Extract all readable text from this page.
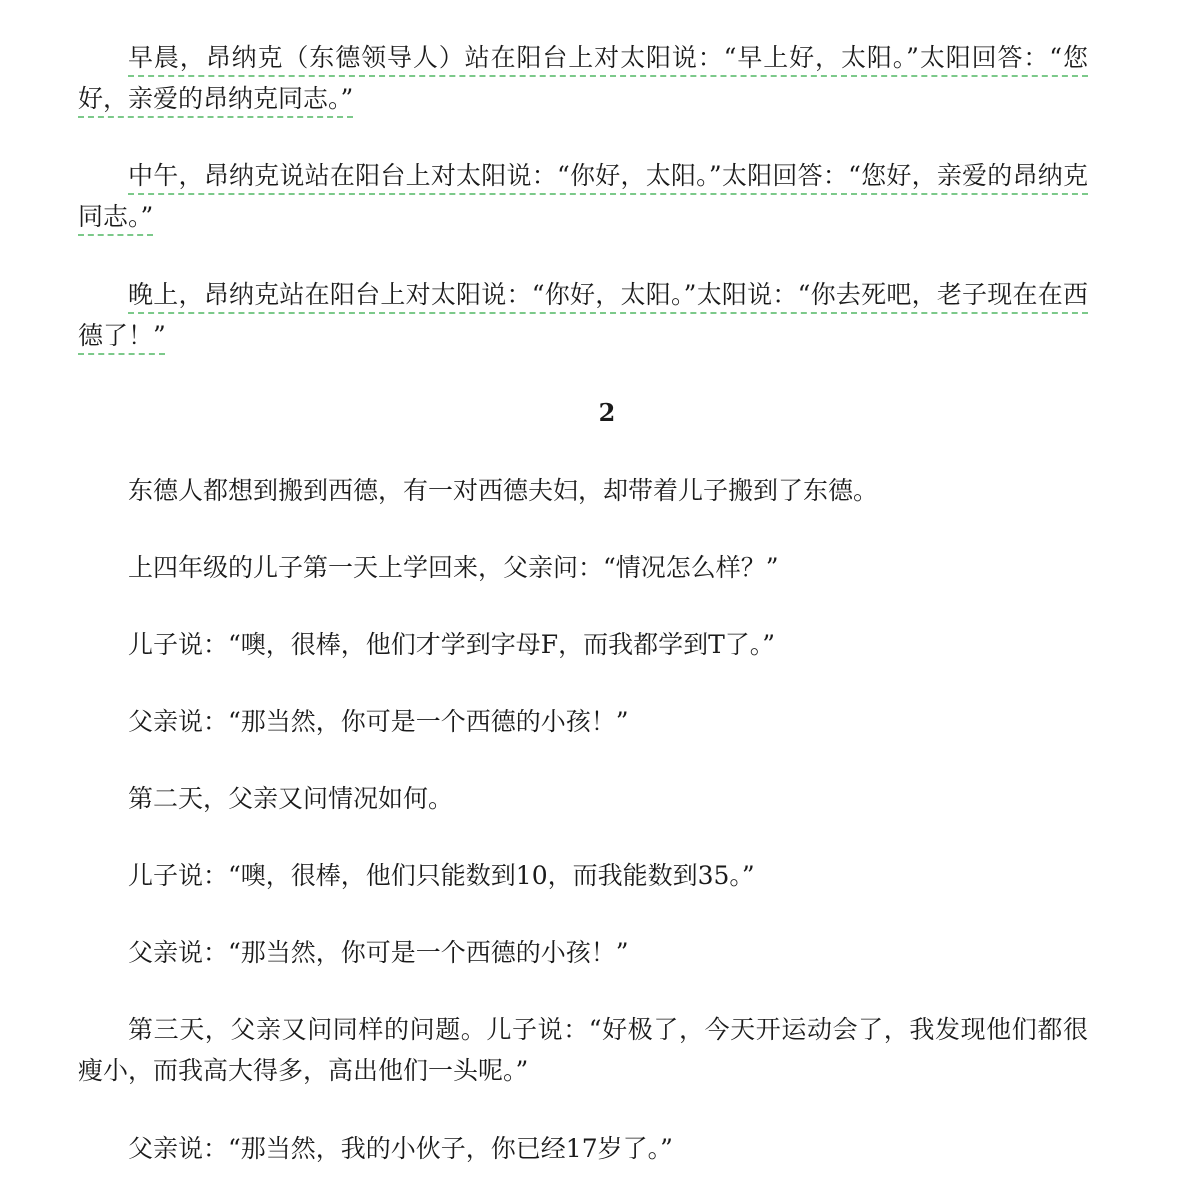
早晨，昂纳克（东德领导人）站在阳台上对太阳说：“早上好，太阳。”太阳回答：“您好，亲爱的昂纳克同志。”

中午，昂纳克说站在阳台上对太阳说：“你好，太阳。”太阳回答：“您好，亲爱的昂纳克同志。”

晚上，昂纳克站在阳台上对太阳说：“你好，太阳。”太阳说：“你去死吧，老子现在在西德了！”

2

东德人都想到搬到西德，有一对西德夫妇，却带着儿子搬到了东德。

上四年级的儿子第一天上学回来，父亲问：“情况怎么样？”

儿子说：“噢，很棒，他们才学到字母F，而我都学到T了。”

父亲说：“那当然，你可是一个西德的小孩！”

第二天，父亲又问情况如何。

儿子说：“噢，很棒，他们只能数到10，而我能数到35。”

父亲说：“那当然，你可是一个西德的小孩！”

第三天，父亲又问同样的问题。儿子说：“好极了，今天开运动会了，我发现他们都很瘦小，而我高大得多，高出他们一头呢。”

父亲说：“那当然，我的小伙子，你已经17岁了。”
